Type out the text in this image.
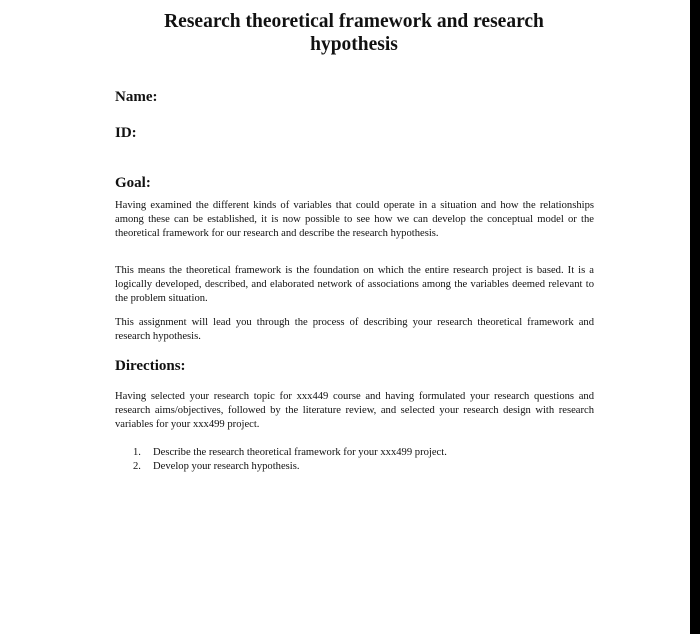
Research theoretical framework and research
hypothesis
Name:
ID:
Goal:

Having examined the different kinds of variables that could operate in a situation and how the relationships among these can be established, it is now possible to see how we can develop the conceptual model or the theoretical framework for our research and describe the research hypothesis.

This means the theoretical framework is the foundation on which the entire research project is based. It is a logically developed, described, and elaborated network of associations among the variables deemed relevant to the problem situation.

This assignment will lead you through the process of describing your research theoretical framework and research hypothesis.

Directions:

Having selected your research topic for xxx449 course and having formulated your research questions and research aims/objectives, followed by the literature review, and selected your research design with research variables for your xxx499 project.

1. Describe the research theoretical framework for your xxx499 project.
2. Develop your research hypothesis.
